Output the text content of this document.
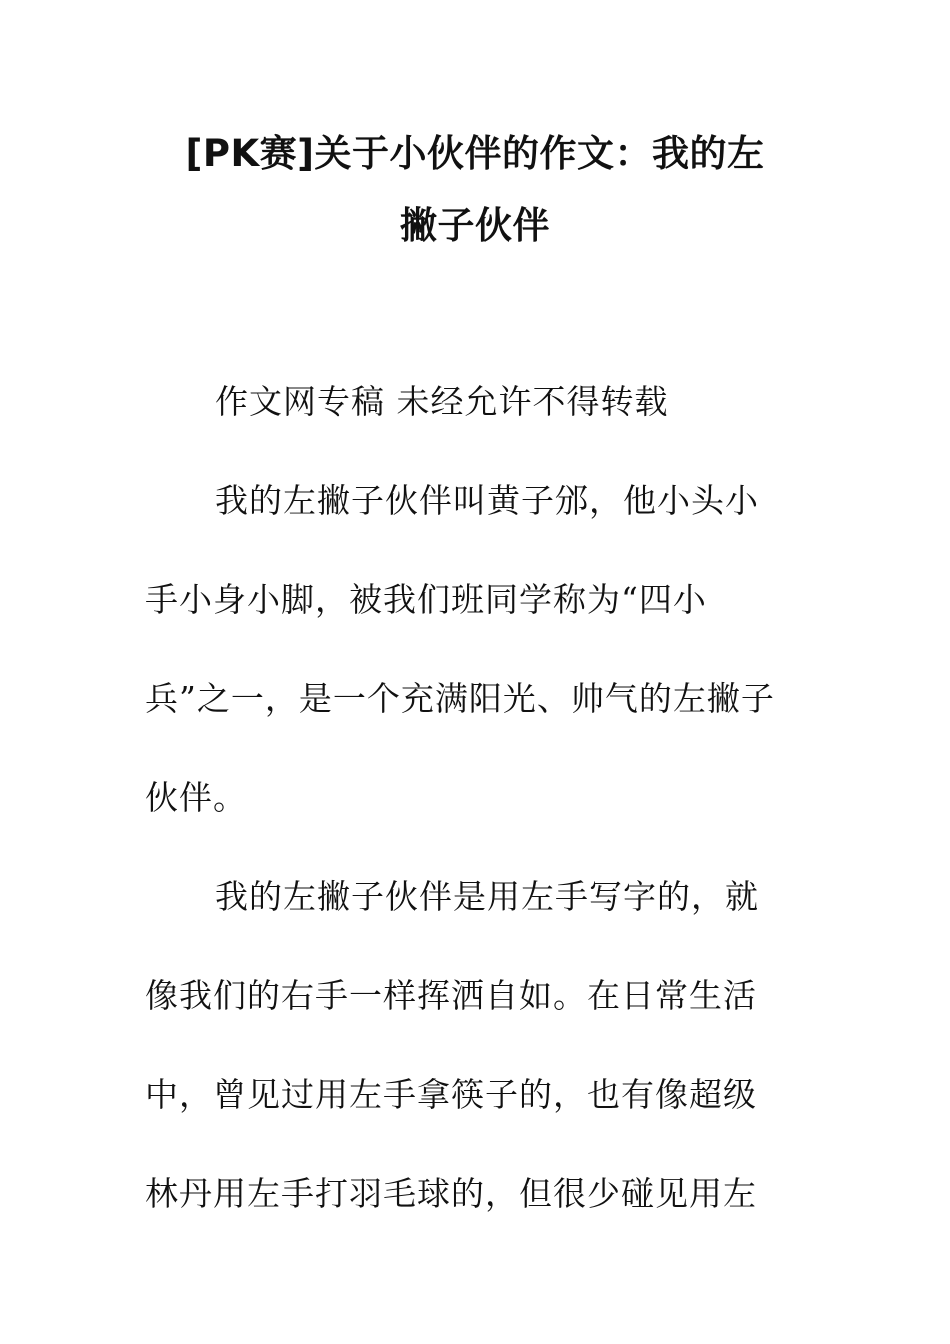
[PK赛]关于小伙伴的作文：我的左
撇子伙伴

作文网专稿 未经允许不得转载

我的左撇子伙伴叫黄子邠，他小头小手小身小脚，被我们班同学称为“四小兵”之一，是一个充满阳光、帅气的左撇子伙伴。

我的左撇子伙伴是用左手写字的，就像我们的右手一样挥洒自如。在日常生活中，曾见过用左手拿筷子的，也有像超级林丹用左手打羽毛球的，但很少碰见用左
